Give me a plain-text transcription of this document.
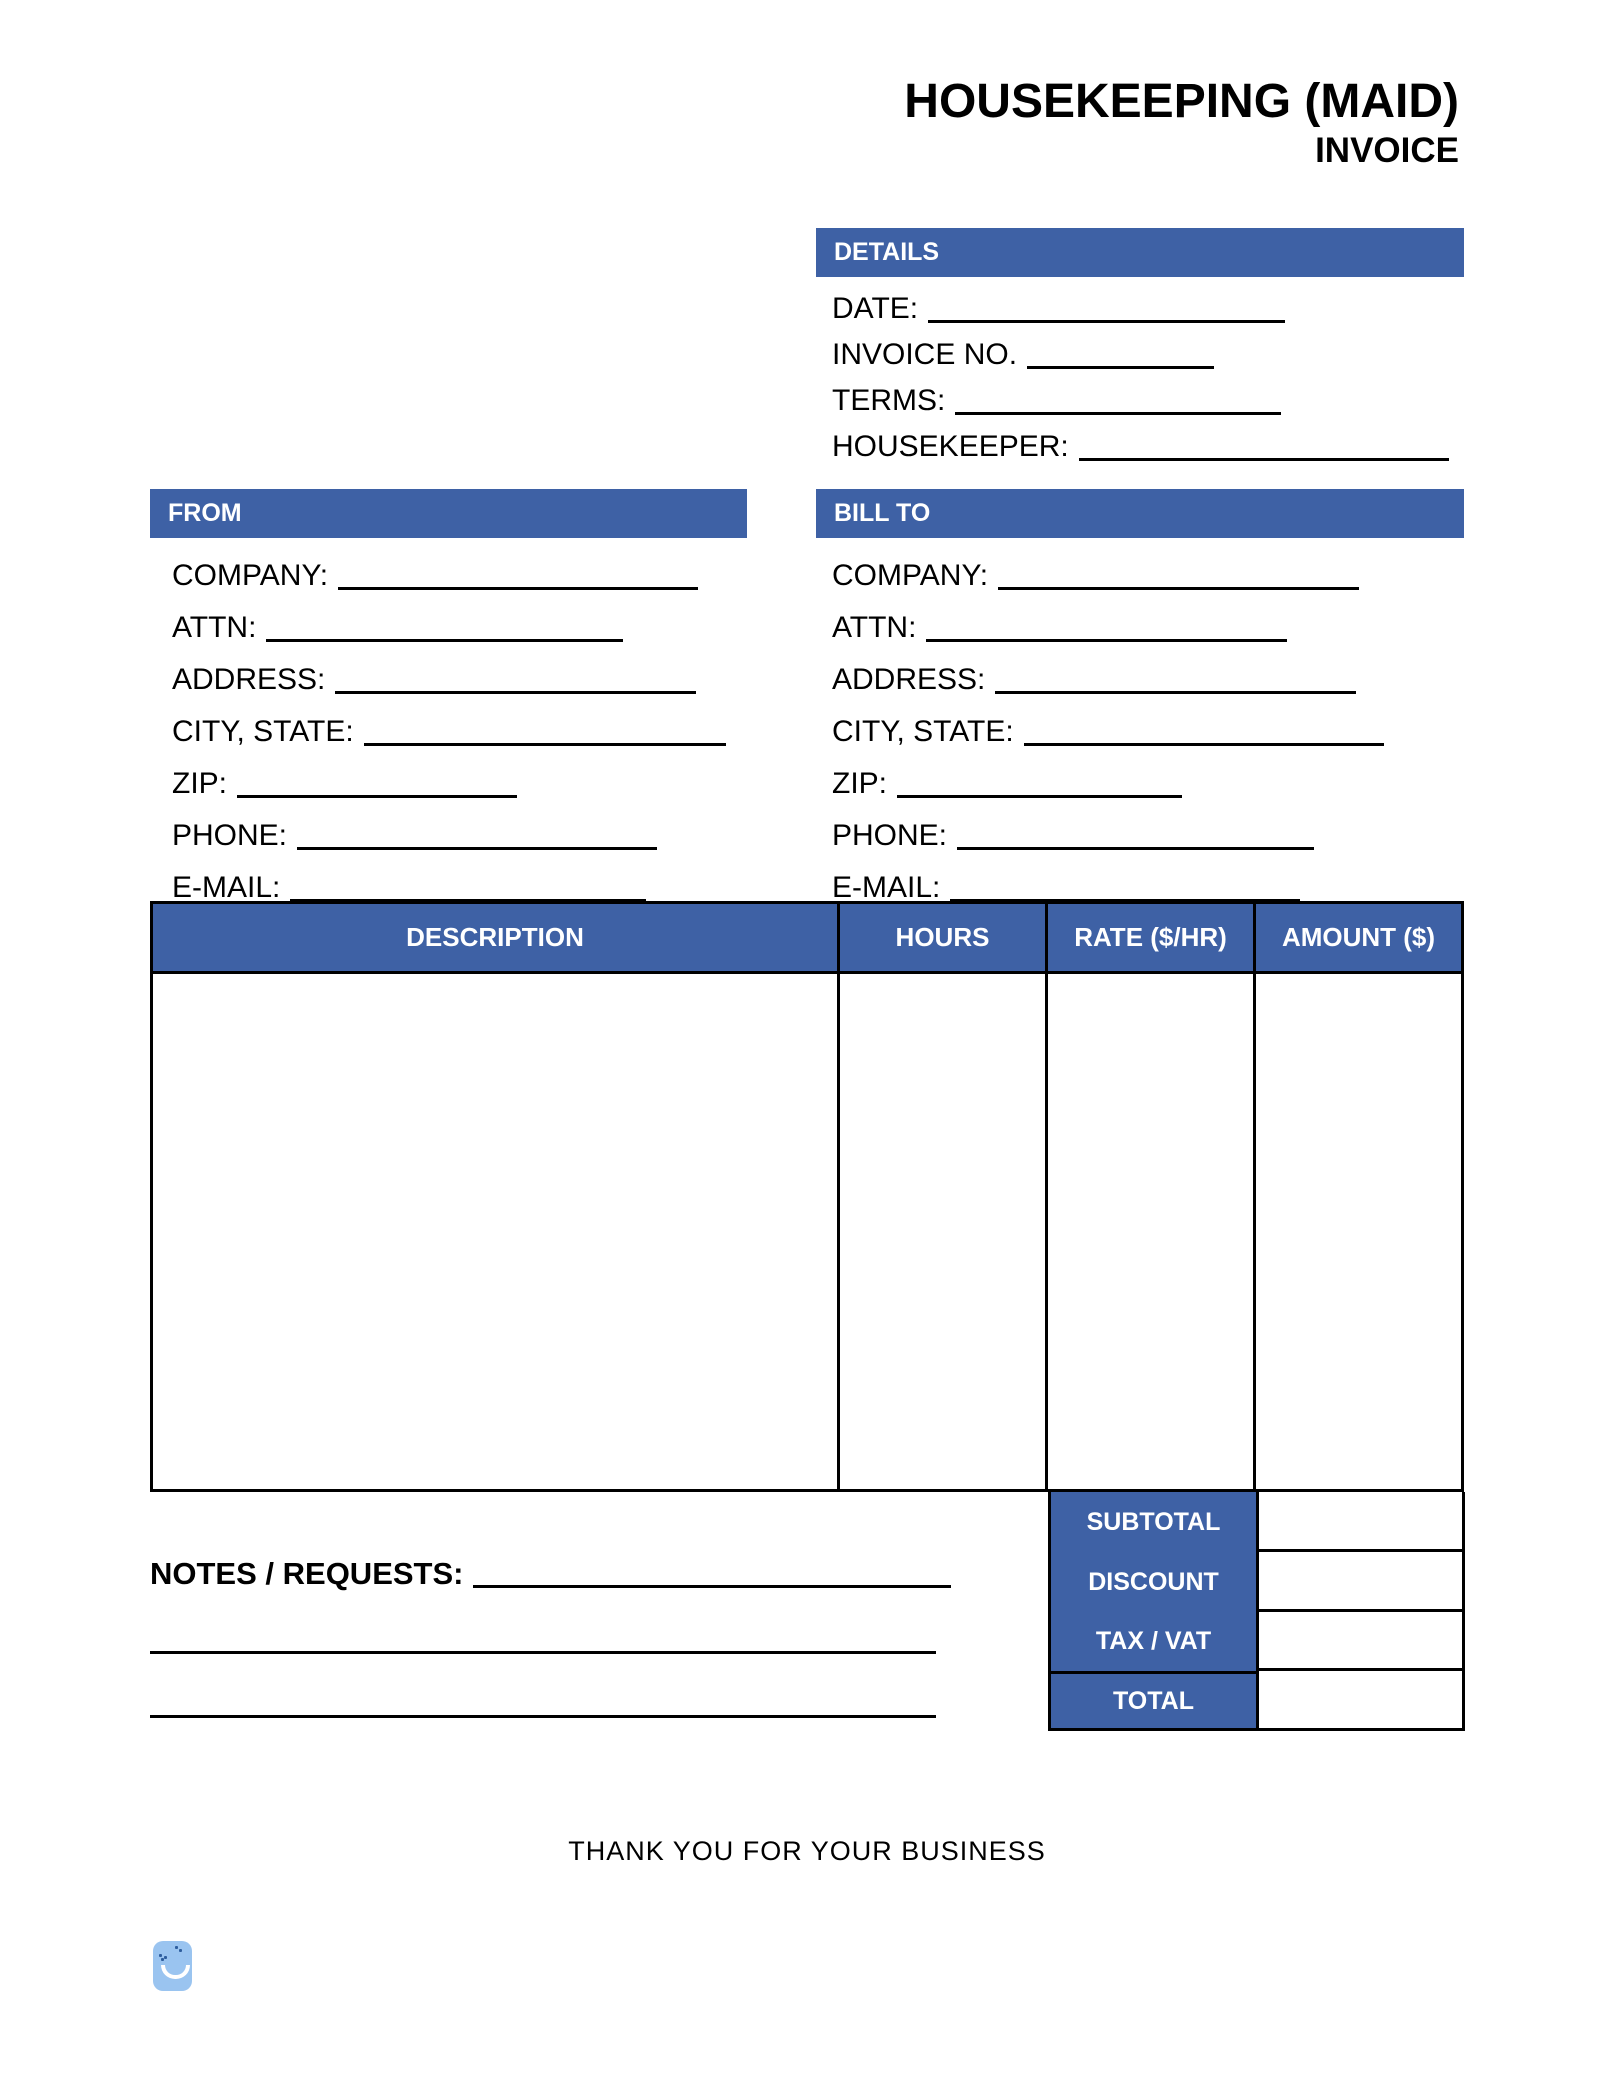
HOUSEKEEPING (MAID)
INVOICE
DETAILS
DATE:
INVOICE NO.
TERMS:
HOUSEKEEPER:
FROM
COMPANY:
ATTN:
ADDRESS:
CITY, STATE:
ZIP:
PHONE:
E-MAIL:
BILL TO
COMPANY:
ATTN:
ADDRESS:
CITY, STATE:
ZIP:
PHONE:
E-MAIL:
DESCRIPTION	HOURS	RATE ($/HR)	AMOUNT ($)
SUBTOTAL
DISCOUNT
TAX / VAT
TOTAL
NOTES / REQUESTS:
THANK YOU FOR YOUR BUSINESS
